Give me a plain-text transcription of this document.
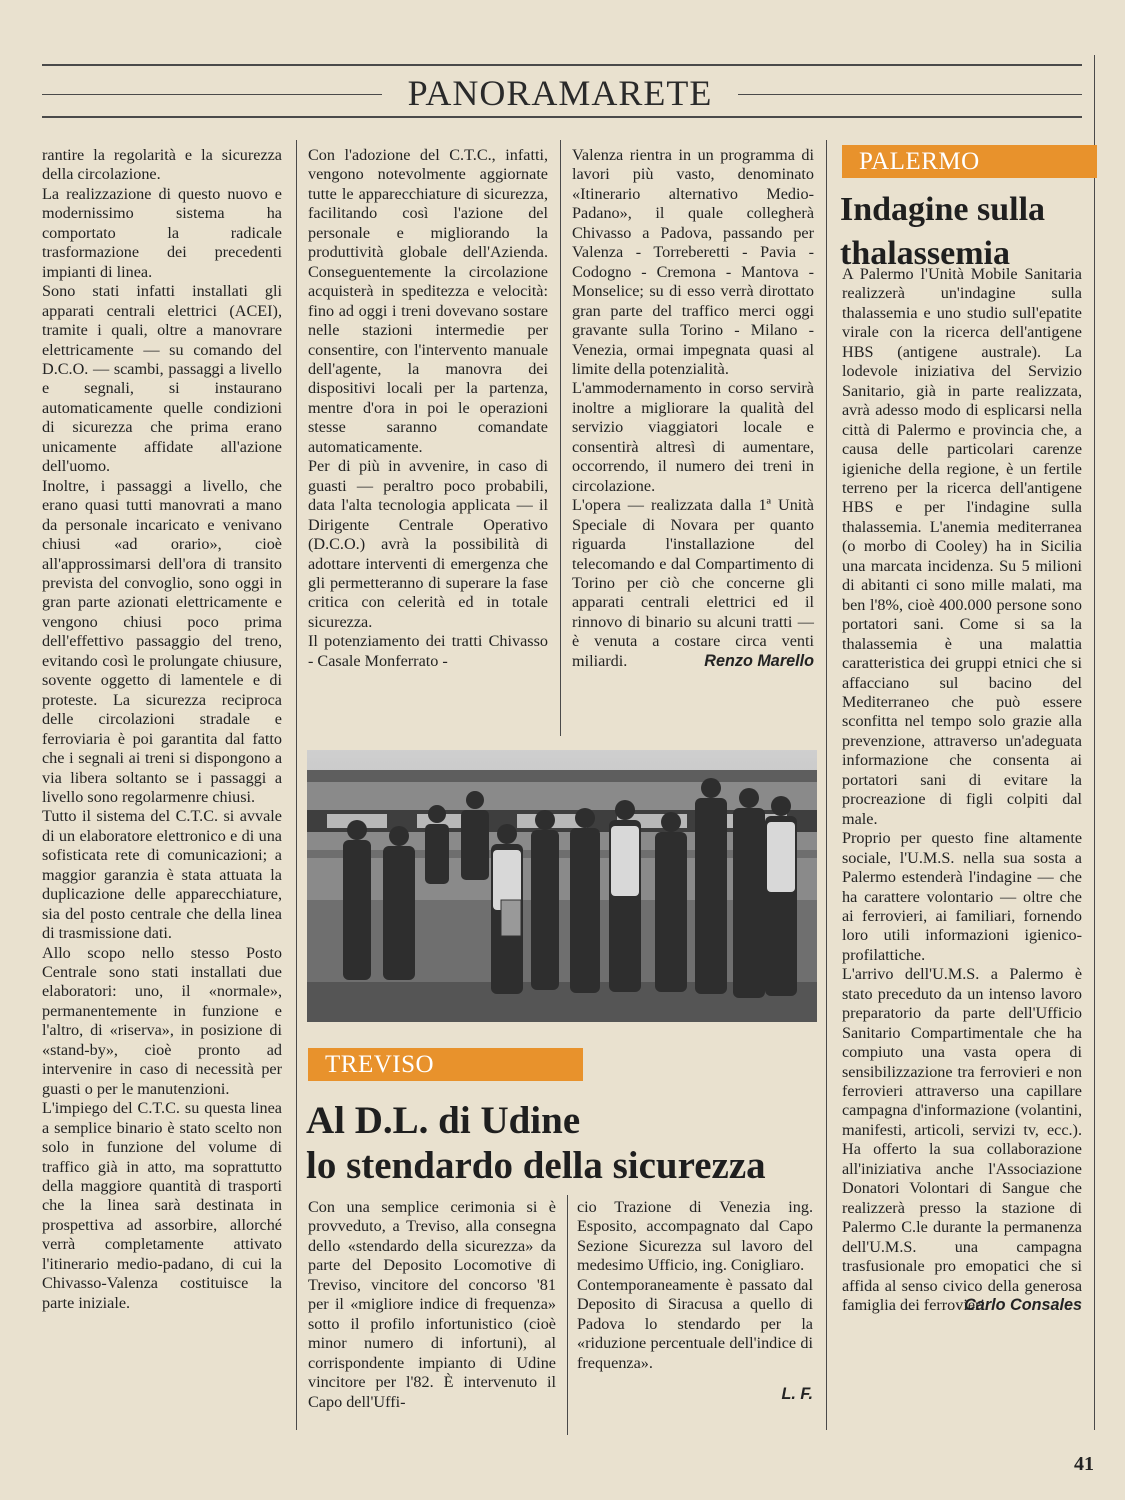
PANORAMARETE

rantire la regolarità e la sicurezza della circolazione.

La realizzazione di questo nuovo e modernissimo sistema ha comportato la radicale trasformazione dei precedenti impianti di linea.

Sono stati infatti installati gli apparati centrali elettrici (ACEI), tramite i quali, oltre a manovrare elettricamente — su comando del D.C.O. — scambi, passaggi a livello e segnali, si instaurano automaticamente quelle condizioni di sicurezza che prima erano unicamente affidate all'azione dell'uomo.

Inoltre, i passaggi a livello, che erano quasi tutti manovrati a mano da personale incaricato e venivano chiusi «ad orario», cioè all'approssimarsi dell'ora di transito prevista del convoglio, sono oggi in gran parte azionati elettricamente e vengono chiusi poco prima dell'effettivo passaggio del treno, evitando così le prolungate chiusure, sovente oggetto di lamentele e di proteste. La sicurezza reciproca delle circolazioni stradale e ferroviaria è poi garantita dal fatto che i segnali ai treni si dispongono a via libera soltanto se i passaggi a livello sono regolarmenre chiusi.

Tutto il sistema del C.T.C. si avvale di un elaboratore elettronico e di una sofisticata rete di comunicazioni; a maggior garanzia è stata attuata la duplicazione delle apparecchiature, sia del posto centrale che della linea di trasmissione dati.

Allo scopo nello stesso Posto Centrale sono stati installati due elaboratori: uno, il «normale», permanentemente in funzione e l'altro, di «riserva», in posizione di «stand-by», cioè pronto ad intervenire in caso di necessità per guasti o per le manutenzioni.

L'impiego del C.T.C. su questa linea a semplice binario è stato scelto non solo in funzione del volume di traffico già in atto, ma soprattutto della maggiore quantità di trasporti che la linea sarà destinata in prospettiva ad assorbire, allorché verrà completamente attivato l'itinerario medio-padano, di cui la Chivasso-Valenza costituisce la parte iniziale.

Con l'adozione del C.T.C., infatti, vengono notevolmente aggiornate tutte le apparecchiature di sicurezza, facilitando così l'azione del personale e migliorando la produttività globale dell'Azienda. Conseguentemente la circolazione acquisterà in speditezza e velocità: fino ad oggi i treni dovevano sostare nelle stazioni intermedie per consentire, con l'intervento manuale dell'agente, la manovra dei dispositivi locali per la partenza, mentre d'ora in poi le operazioni stesse saranno comandate automaticamente.

Per di più in avvenire, in caso di guasti — peraltro poco probabili, data l'alta tecnologia applicata — il Dirigente Centrale Operativo (D.C.O.) avrà la possibilità di adottare interventi di emergenza che gli permetteranno di superare la fase critica con celerità ed in totale sicurezza.

Il potenziamento dei tratti Chivasso - Casale Monferrato -

Valenza rientra in un programma di lavori più vasto, denominato «Itinerario alternativo Medio-Padano», il quale collegherà Chivasso a Padova, passando per Valenza - Torreberetti - Pavia - Codogno - Cremona - Mantova - Monselice; su di esso verrà dirottato gran parte del traffico merci oggi gravante sulla Torino - Milano - Venezia, ormai impegnata quasi al limite della potenzialità.

L'ammodernamento in corso servirà inoltre a migliorare la qualità del servizio viaggiatori locale e consentirà altresì di aumentare, occorrendo, il numero dei treni in circolazione.

L'opera — realizzata dalla 1ª Unità Speciale di Novara per quanto riguarda l'installazione del telecomando e dal Compartimento di Torino per ciò che concerne gli apparati centrali elettrici ed il rinnovo di binario su alcuni tratti — è venuta a costare circa venti miliardi.	Renzo Marello

TREVISO
Al D.L. di Udine
lo stendardo della sicurezza

Con una semplice cerimonia si è provveduto, a Treviso, alla consegna dello «stendardo della sicurezza» da parte del Deposito Locomotive di Treviso, vincitore del concorso '81 per il «migliore indice di frequenza» sotto il profilo infortunistico (cioè minor numero di infortuni), al corrispondente impianto di Udine vincitore per l'82. È intervenuto il Capo dell'Uffi-

cio Trazione di Venezia ing. Esposito, accompagnato dal Capo Sezione Sicurezza sul lavoro del medesimo Ufficio, ing. Conigliaro.

Contemporaneamente è passato dal Deposito di Siracusa a quello di Padova lo stendardo per la «riduzione percentuale dell'indice di frequenza».

L. F.

PALERMO
Indagine sulla thalassemia

A Palermo l'Unità Mobile Sanitaria realizzerà un'indagine sulla thalassemia e uno studio sull'epatite virale con la ricerca dell'antigene HBS (antigene australe). La lodevole iniziativa del Servizio Sanitario, già in parte realizzata, avrà adesso modo di esplicarsi nella città di Palermo e provincia che, a causa delle particolari carenze igieniche della regione, è un fertile terreno per la ricerca dell'antigene HBS e per l'indagine sulla thalassemia. L'anemia mediterranea (o morbo di Cooley) ha in Sicilia una marcata incidenza. Su 5 milioni di abitanti ci sono mille malati, ma ben l'8%, cioè 400.000 persone sono portatori sani. Come si sa la thalassemia è una malattia caratteristica dei gruppi etnici che si affacciano sul bacino del Mediterraneo che può essere sconfitta nel tempo solo grazie alla prevenzione, attraverso un'adeguata informazione che consenta ai portatori sani di evitare la procreazione di figli colpiti dal male.

Proprio per questo fine altamente sociale, l'U.M.S. nella sua sosta a Palermo estenderà l'indagine — che ha carattere volontario — oltre che ai ferrovieri, ai familiari, fornendo loro utili informazioni igienico-profilattiche.

L'arrivo dell'U.M.S. a Palermo è stato preceduto da un intenso lavoro preparatorio da parte dell'Ufficio Sanitario Compartimentale che ha compiuto una vasta opera di sensibilizzazione tra ferrovieri e non ferrovieri attraverso una capillare campagna d'informazione (volantini, manifesti, articoli, servizi tv, ecc.). Ha offerto la sua collaborazione all'iniziativa anche l'Associazione Donatori Volontari di Sangue che realizzerà presso la stazione di Palermo C.le durante la permanenza dell'U.M.S. una campagna trasfusionale pro emopatici che si affida al senso civico della generosa famiglia dei ferrovieri.

Carlo Consales

41
